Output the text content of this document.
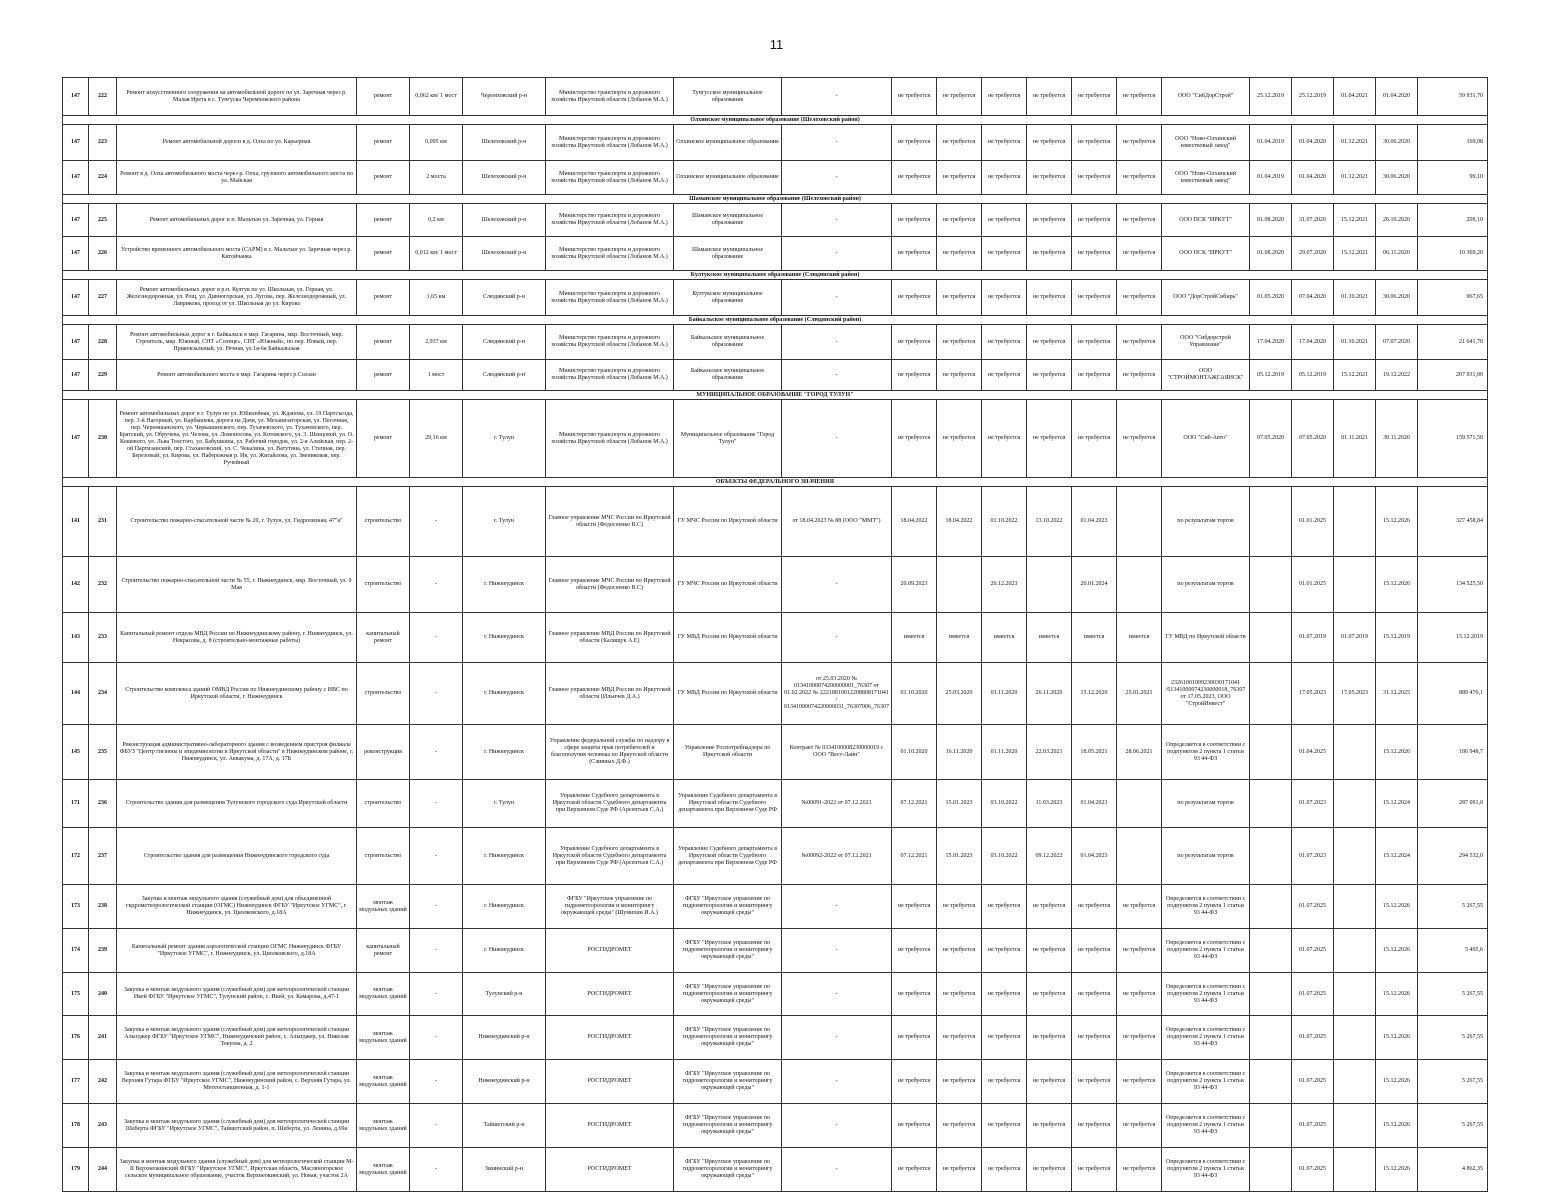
11
147	222	Ремонт искусственного сооружения на автомобильной дороге по ул. Заречная через р. Малая Ирета в с. Тунгуска Черемховского района	ремонт	0,062 км/ 1 мост	Черемховский р-н	Министерство транспорта и дорожного хозяйства Иркутской области (Лобанов М.А.)	Тунгусское муниципальное образование	-	не требуется	не требуется	не требуется	не требуется	не требуется	не требуется	ООО "СибДорСтрой"	25.12.2019	25.12.2019	01.04.2021	01.04.2020	59 931,70	
Олхинское муниципальное образование (Шелеховский район)																					
147	223	Ремонт автомобильной дороги в д. Олха по ул. Карьерная	ремонт	0,095 км	Шелеховский р-н	Министерство транспорта и дорожного хозяйства Иркутской области (Лобанов М.А.)	Олхинское муниципальное образование	-	не требуется	не требуется	не требуется	не требуется	не требуется	не требуется	ООО "Ново-Олхинский известковый завод"	01.04.2019	01.04.2020	01.12.2021	30.06.2020	169,08	
147	224	Ремонт в д. Олха автомобильного моста через р. Олха, грузового автомобильного моста по ул. Майская	ремонт	2 моста	Шелеховский р-н	Министерство транспорта и дорожного хозяйства Иркутской области (Лобанов М.А.)	Олхинское муниципальное образование	-	не требуется	не требуется	не требуется	не требуется	не требуется	не требуется	ООО "Ново-Олхинский известковый завод"	01.04.2019	01.04.2020	01.12.2021	30.06.2020	99,10	
Шаманское муниципальное образование (Шелеховский район)																					
147	225	Ремонт автомобильных дорог в п. Мальтын ул. Заречная, ул. Горная	ремонт	0,2 км	Шелеховский р-н	Министерство транспорта и дорожного хозяйства Иркутской области (Лобанов М.А.)	Шаманское муниципальное образование	-	не требуется	не требуется	не требуется	не требуется	не требуется	не требуется	ООО ПСК "ИРКУТ"	01.08.2020	31.07.2020	15.12.2021	26.10.2020	209,10	
147	226	Устройство временного автомобильного моста (САРМ) в с. Мальтын ул. Заречная через р. Китойчанка	ремонт	0,012 км/ 1 мост	Шелеховский р-н	Министерство транспорта и дорожного хозяйства Иркутской области (Лобанов М.А.)	Шаманское муниципальное образование	-	не требуется	не требуется	не требуется	не требуется	не требуется	не требуется	ООО ПСК "ИРКУТ"	01.08.2020	29.07.2020	15.12.2021	06.11.2020	10 369,20	
Култукское муниципальное образование (Слюдянский район)																					
147	227	Ремонт автомобильных дорог в р.п. Култук по ул. Школьная, ул. Горная, ул. Железнодорожная, ул. Рощ, ул. Дивногорская, ул. Лугова, пер. Железнодорожный, ул. Лаврикова, проезд от ул. Школьная до ул. Кирова	ремонт	1,65 км	Слюдянский р-н	Министерство транспорта и дорожного хозяйства Иркутской области (Лобанов М.А.)	Култукское муниципальное образование	-	не требуется	не требуется	не требуется	не требуется	не требуется	не требуется	ООО "ДорСтройСибирь"	01.05.2020	07.04.2020	01.10.2021	30.06.2020	967,65	
Байкальское муниципальное образование (Слюдянский район)																					
147	228	Ремонт автомобильных дорог в г. Байкальск в мкр. Гагарина, мкр. Восточный, мкр. Строитель, мкр. Южный, СНТ «Солнце», СНТ «Южный», по пер. Новый, пер. Привокзальный, ул. Речная, ул.1я-6я Байкальская	ремонт	2,937 км	Слюдянский р-н	Министерство транспорта и дорожного хозяйства Иркутской области (Лобанов М.А.)	Байкальское муниципальное образование	-	не требуется	не требуется	не требуется	не требуется	не требуется	не требуется	ООО "Сибдорстрой Управление"	17.04.2020	17.04.2020	01.10.2021	07.07.2020	21 641,70	
147	229	Ремонт автомобильного моста в мкр. Гагарина через р.Солзан	ремонт	1 мост	Слюдянский р-н	Министерство транспорта и дорожного хозяйства Иркутской области (Лобанов М.А.)	Байкальское муниципальное образование	-	не требуется	не требуется	не требуется	не требуется	не требуется	не требуется	ООО "СТРОЙМОНТАЖСАЯНСК"	05.12.2019	05.12.2019	15.12.2021	19.12.2022	207 931,00	
МУНИЦИПАЛЬНОЕ ОБРАЗОВАНИЕ "ГОРОД ТУЛУН"																					
147	230	Ремонт автомобильных дорог в г. Тулун по ул. Юбилейная, ул. Жданова, ул. 19 Партсъезда, пер. 3-й Нагорный, ул. Карбышева, дорога на Дачи, ул. Механизаторская, ул. Песочная, пер. Черемшанского, ул. Черкашинского, пер. Тухачевского, ул. Тухачевского, пер. Братский, ул. Обручева, ул. Чехова, ул. Ломоносова, ул. Котовского, ул. 3. Шевцовой, ул. О. Кошевого, ул. Льва Толстого, ул. Бабушкина, ул. Рабочий городок, ул. 2-я Алейская, пер. 2-ой Партизанский, пер. Стахановский, ул. С. Чекалина, ул. Ватутина, ул. Степная, пер. Березовый, ул. Кирова, ул. Набережная р. Ия, ул. Жигайлова, ул. Звениковая, пер. Ручейный	ремонт	29,16 км	г. Тулун	Министерство транспорта и дорожного хозяйства Иркутской области (Лобанов М.А.)	Муниципальное образование "Город Тулун"	-	не требуется	не требуется	не требуется	не требуется	не требуется	не требуется	ООО "Сиб-Авто"	07.05.2020	07.05.2020	01.11.2021	30.11.2020	159 571,50	
ОБЪЕКТЫ ФЕДЕРАЛЬНОГО ЗНАЧЕНИЯ																					
141	231	Строительство пожарно-спасательной части № 20, г. Тулун, ул. Гидролизная, 47"а"	строительство	-	г. Тулун	Главное управление МЧС России по Иркутской области (Федосеенко В.С)	ГУ МЧС России по Иркутской области	от 18.04.2023 № 88 (ООО "ММТ")	18.04.2022	18.04.2022	01.10.2022	13.10.2022	01.04.2023		по результатам торгов		01.01.2025		15.12.2026	327 458,84	
142	232	Строительство пожарно-спасательной части № 55, г. Нижнеудинск, мкр. Восточный, ул. 9 Мая	строительство	-	г. Нижнеудинск	Главное управление МЧС России по Иркутской области (Федосеенко В.С)	ГУ МЧС России по Иркутской области	-	20.09.2023		20.12.2023		20.01.2024		по результатам торгов		01.01.2025		15.12.2026	134 525,50	
143	233	Капитальный ремонт отдела МВД России по Нижнеудинскому району, г. Нижнеудинск, ул. Некрасова, д. 8 (строительно-монтажные работы)	капитальный ремонт	-	г. Нижнеудинск	Главное управление МВД России по Иркутской области (Калищук А.Е)	ГУ МВД России по Иркутской области	-	имеется	имеется	имеется	имеется	имеется	имеется	ГУ МВД по Иркутской области		01.07.2019	01.07.2019	15.12.2019	15.12.2019	
144	234	Строительство комплекса зданий ОМВД России по Нижнеудинскому району с ИВС по Иркутской области, г. Нижнеудинск	строительство	-	г. Нижнеудинск	Главное управление МВД России по Иркутской области (Ильичев Д.А.)	ГУ МВД России по Иркутской области	от 25.03.2020 № 01341000074200000001_76307 от 01.02.2022 № 22218810012208808171041 / 01341000074220000031_76307006_76307	01.10.2020	25.03.2020	01.11.2020	26.11.2020	15.12.2020	25.01.2021	23261001009230030171041 /01341000074230000018_76307 от 17.05.2023, ООО "СтройИнвест"		17.05.2023	17.05.2023	31.12.2025	889 476,1	
145	235	Реконструкция административно-лабораторного здания с возведением пристроя филиала ФБУЗ "Центр гигиены и эпидемиологии в Иркутской области" в Нижнеудинском районе, г. Нижнеудинск, ул. Аввакума, д. 17А, д. 17Б	реконструкция	-	г. Нижнеудинск	Управление федеральной службы по надзору в сфере защиты прав потребителей и благополучия человека по Иркутской области (Сливных Д.Ф.)	Управление Роспотребнадзора по Иркутской области	Контракт № 0334100008230000019 с ООО "Вест-Лайн"	01.10.2020	16.11.2020	01.11.2020	22.03.2021	18.05.2021	28.06.2021	Определяется в соответствии с подпунктом 2 пункта 1 статьи 93 44-ФЗ		01.04.2025		15.12.2026	186 948,7	
171	236	Строительство здания для размещения Тулунского городского суда Иркутской области	строительство	-	г. Тулун	Управление Судебного департамента в Иркутской области Судебного департамента при Верховном Суде РФ (Арсентьев С.А.)	Управление Судебного департамента в Иркутской области Судебного департамента при Верховном Суде РФ	№00091-2022 от 07.12.2021	07.12.2021	15.01.2023	03.10.2022	11.03.2023	01.04.2023		по результатам торгов		01.07.2023		15.12.2024	287 091,0	
172	237	Строительство здания для размещения Нижнеудинского городского суда	строительство	-	г. Нижнеудинск	Управление Судебного департамента в Иркутской области Судебного департамента при Верховном Суде РФ (Арсентьев С.А.)	Управление Судебного департамента в Иркутской области Судебного департамента при Верховном Суде РФ	№00092-2022 от 07.12.2021	07.12.2021	15.01.2023	03.10.2022	09.12.2022	01.04.2023		по результатам торгов		01.07.2023		15.12.2024	294 532,0	
173	238	Закупка и монтаж модульного здания (служебный дом) для объединенной гидрометеорологической станции (ОГМС) Нижнеудинск ФГБУ "Иркутское УГМС", г. Нижнеудинск, ул. Циолковского, д.18А	монтаж модульных зданий	-	г. Нижнеудинск	ФГБУ "Иркутское управление по гидрометеорологии и мониторингу окружающей среды" (Шумихин И.А.)	ФГБУ "Иркутское управление по гидрометеорологии и мониторингу окружающей среды"	-	не требуется	не требуется	не требуется	не требуется	не требуется	не требуется	Определяется в соответствии с подпунктом 2 пункта 1 статьи 93 44-ФЗ		01.07.2025		15.12.2026	5 267,55	
174	239	Капитальный ремонт здания аэрологической станции ОГМС Нижнеудинск ФГБУ "Иркутское УГМС", г. Нижнеудинск, ул. Циолковского, д.18А	капитальный ремонт	-	г. Нижнеудинск	РОСГИДРОМЕТ	ФГБУ "Иркутское управление по гидрометеорологии и мониторингу окружающей среды"	-	не требуется	не требуется	не требуется	не требуется	не требуется	не требуется	Определяется в соответствии с подпунктом 2 пункта 1 статьи 93 44-ФЗ		01.07.2025		15.12.2026	5 495,6	
175	240	Закупка и монтаж модульного здания (служебный дом) для метеорологической станции Икей ФГБУ "Иркутское УГМС", Тулунский район, с. Икей, ул. Камарова, д.47-1	монтаж модульных зданий	-	Тулунский р-н	РОСГИДРОМЕТ	ФГБУ "Иркутское управление по гидрометеорологии и мониторингу окружающей среды"	-	не требуется	не требуется	не требуется	не требуется	не требуется	не требуется	Определяется в соответствии с подпунктом 2 пункта 1 статьи 93 44-ФЗ		01.07.2025		15.12.2026	5 267,55	
176	241	Закупка и монтаж модульного здания (служебный дом) для метеорологической станции Алыгджер ФГБУ "Иркутское УГМС", Нижнеудинский район, с. Алыгджер, ул. Николая Токуева, д. 2	монтаж модульных зданий	-	Нижнеудинский р-н	РОСГИДРОМЕТ	ФГБУ "Иркутское управление по гидрометеорологии и мониторингу окружающей среды"	-	не требуется	не требуется	не требуется	не требуется	не требуется	не требуется	Определяется в соответствии с подпунктом 2 пункта 1 статьи 93 44-ФЗ		01.07.2025		15.12.2026	5 267,55	
177	242	Закупка и монтаж модульного здания (служебный дом) для метеорологической станции Верхняя Гутара ФГБУ "Иркутское УГМС", Нижнеудинский район, с. Верхняя Гутара, ул. Метеостанционная, д. 1-1	монтаж модульных зданий	-	Нижнеудинский р-н	РОСГИДРОМЕТ	ФГБУ "Иркутское управление по гидрометеорологии и мониторингу окружающей среды"	-	не требуется	не требуется	не требуется	не требуется	не требуется	не требуется	Определяется в соответствии с подпунктом 2 пункта 1 статьи 93 44-ФЗ		01.07.2025		15.12.2026	5 267,55	
178	243	Закупка и монтаж модульного здания (служебный дом) для метеорологической станции Шеберта ФГБУ "Иркутское УГМС", Тайшетский район, п. Шеберта, ул. Ленина, д.69а	монтаж модульных зданий	-	Тайшетский р-н	РОСГИДРОМЕТ	ФГБУ "Иркутское управление по гидрометеорологии и мониторингу окружающей среды"	-	не требуется	не требуется	не требуется	не требуется	не требуется	не требуется	Определяется в соответствии с подпунктом 2 пункта 1 статьи 93 44-ФЗ		01.07.2025		15.12.2026	5 267,55	
179	244	Закупка и монтаж модульного здания (служебный дом) для метеорологической станции М-II Верхнеокинский ФГБУ "Иркутское УГМС", Иркутская область, Масляногорское сельское муниципальное образование, участок Верхнеокинский, ул. Новая, участок 2А	монтаж модульных зданий	-	Зиминский р-н	РОСГИДРОМЕТ	ФГБУ "Иркутское управление по гидрометеорологии и мониторингу окружающей среды"	-	не требуется	не требуется	не требуется	не требуется	не требуется	не требуется	Определяется в соответствии с подпунктом 2 пункта 1 статьи 93 44-ФЗ		01.07.2025		15.12.2026	4 862,35	
